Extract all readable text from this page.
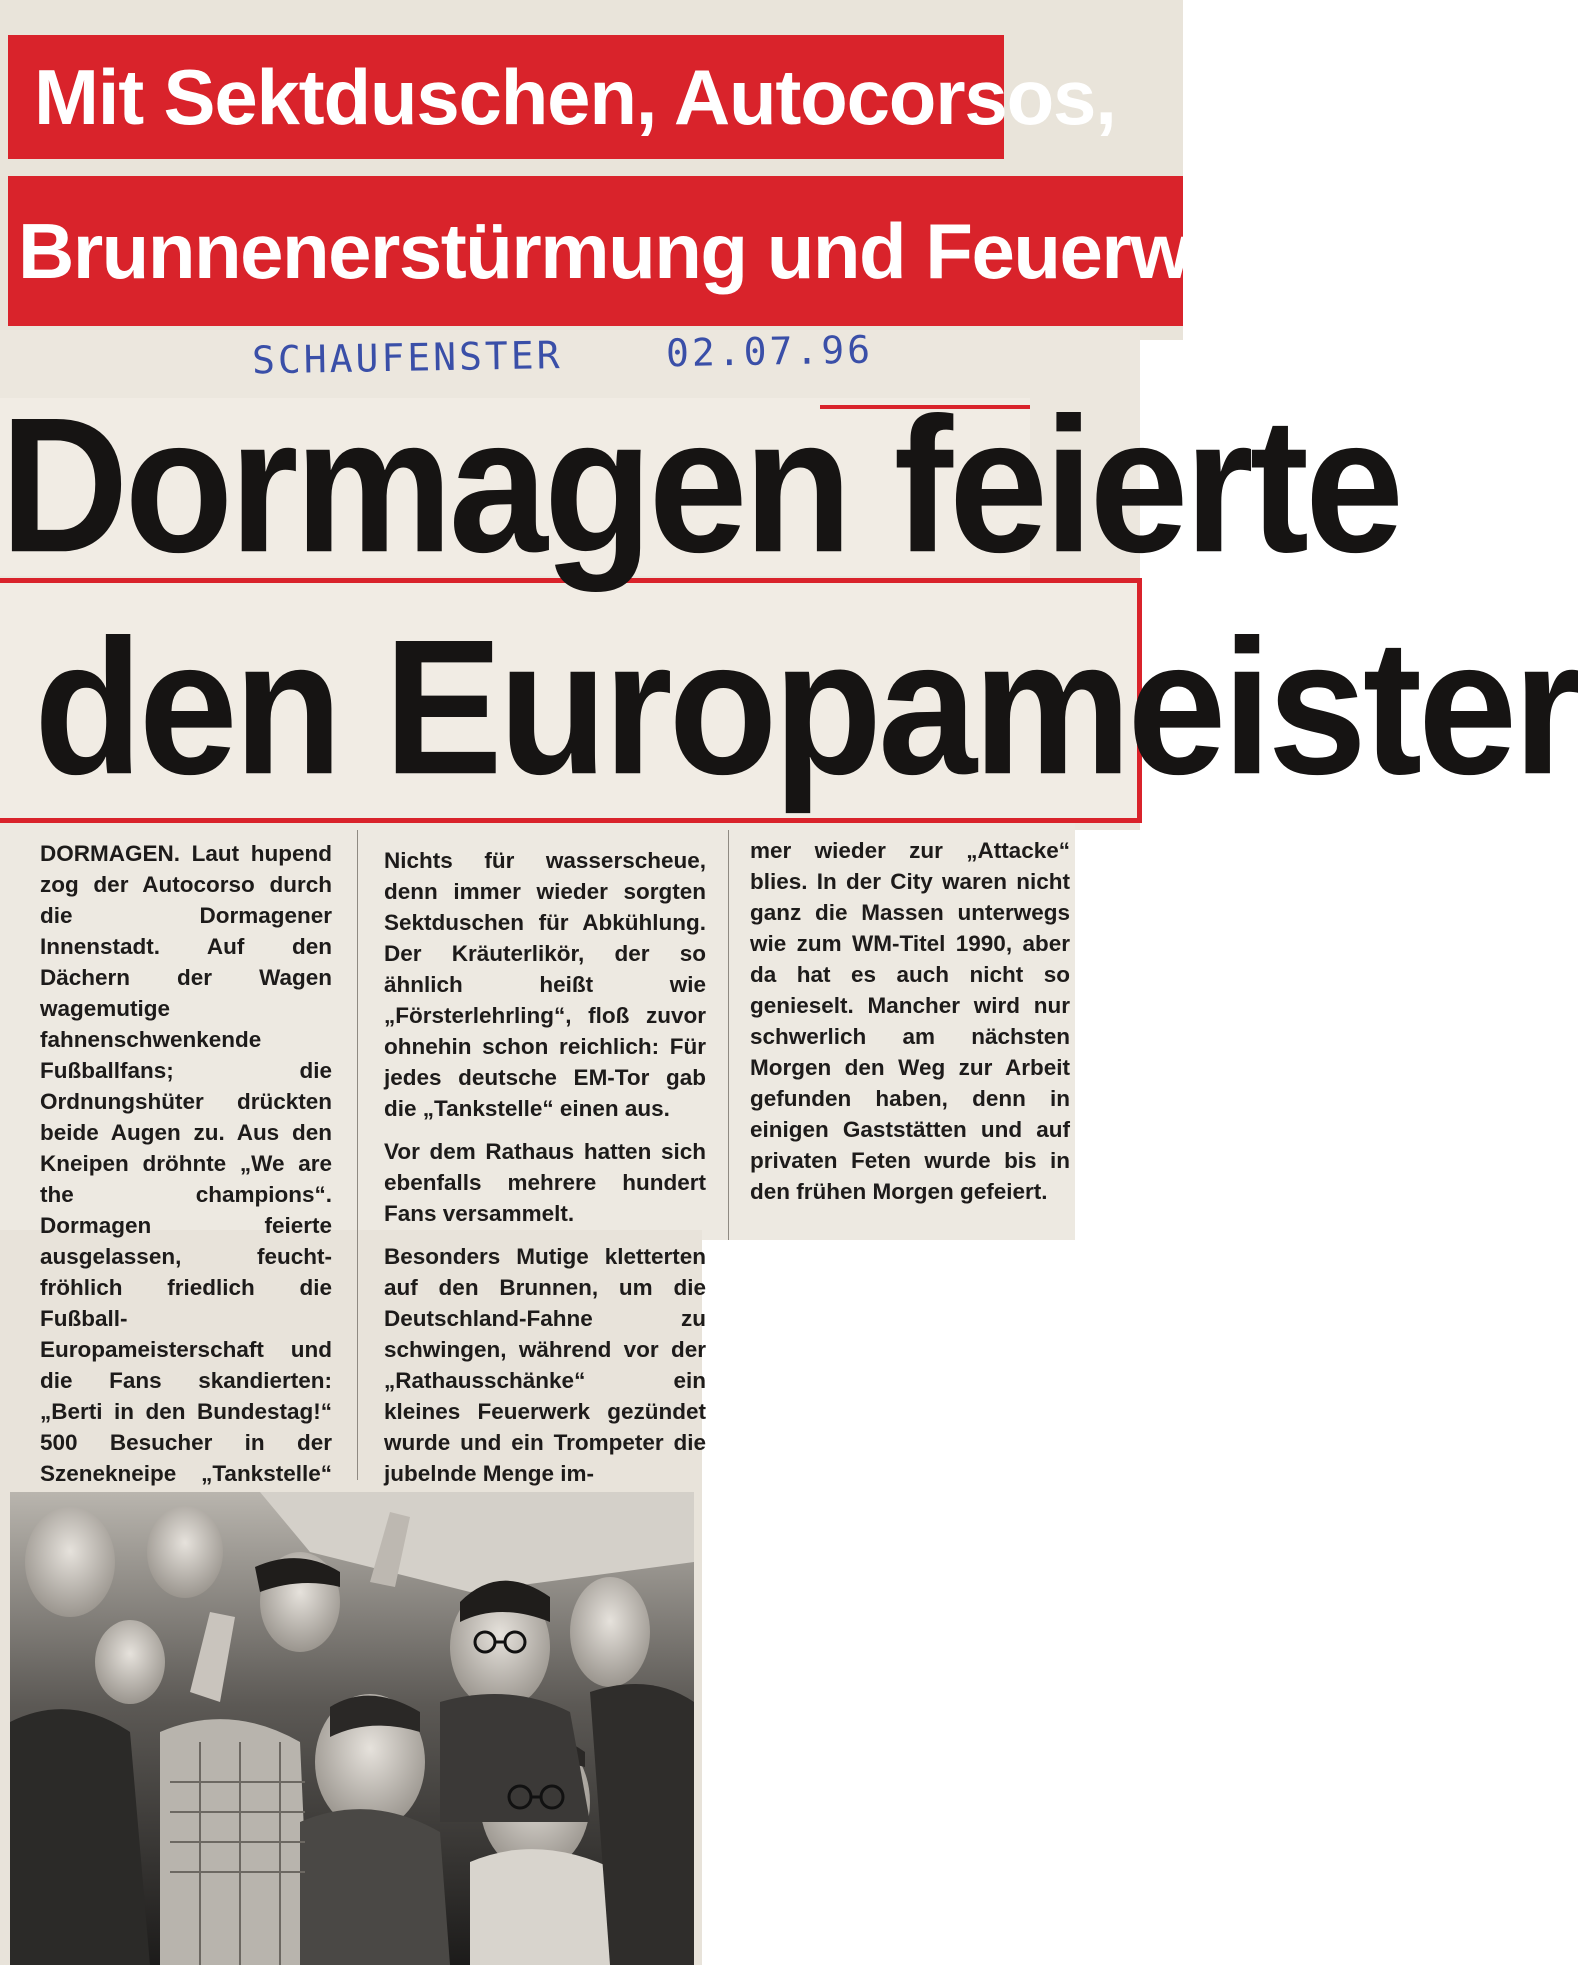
Mit Sektduschen, Autocorsos,
Brunnenerstürmung und Feuerwerk:
SCHAUFENSTER	02.07.96
Dormagen feierte
den Europameister

DORMAGEN. Laut hupend zog der Autocorso durch die Dormagener Innenstadt. Auf den Dächern der Wagen wagemutige fahnenschwenkende Fußballfans; die Ordnungshüter drückten beide Augen zu. Aus den Kneipen dröhnte „We are the champions“. Dormagen feierte ausgelassen, feucht-fröhlich friedlich die Fußball-Europameisterschaft und die Fans skandierten: „Berti in den Bundestag!“ 500 Besucher in der Szenekneipe „Tankstelle“

Nichts für wasserscheue, denn immer wieder sorgten Sektduschen für Abkühlung. Der Kräuterlikör, der so ähnlich heißt wie „Försterlehrling“, floß zuvor ohnehin schon reichlich: Für jedes deutsche EM-Tor gab die „Tankstelle“ einen aus.

Vor dem Rathaus hatten sich ebenfalls mehrere hundert Fans versammelt.

Besonders Mutige kletterten auf den Brunnen, um die Deutschland-Fahne zu schwingen, während vor der „Rathausschänke“ ein kleines Feuerwerk gezündet wurde und ein Trompeter die jubelnde Menge im-

mer wieder zur „Attacke“ blies. In der City waren nicht ganz die Massen unterwegs wie zum WM-Titel 1990, aber da hat es auch nicht so genieselt. Mancher wird nur schwerlich am nächsten Morgen den Weg zur Arbeit gefunden haben, denn in einigen Gaststätten und auf privaten Feten wurde bis in den frühen Morgen gefeiert.
